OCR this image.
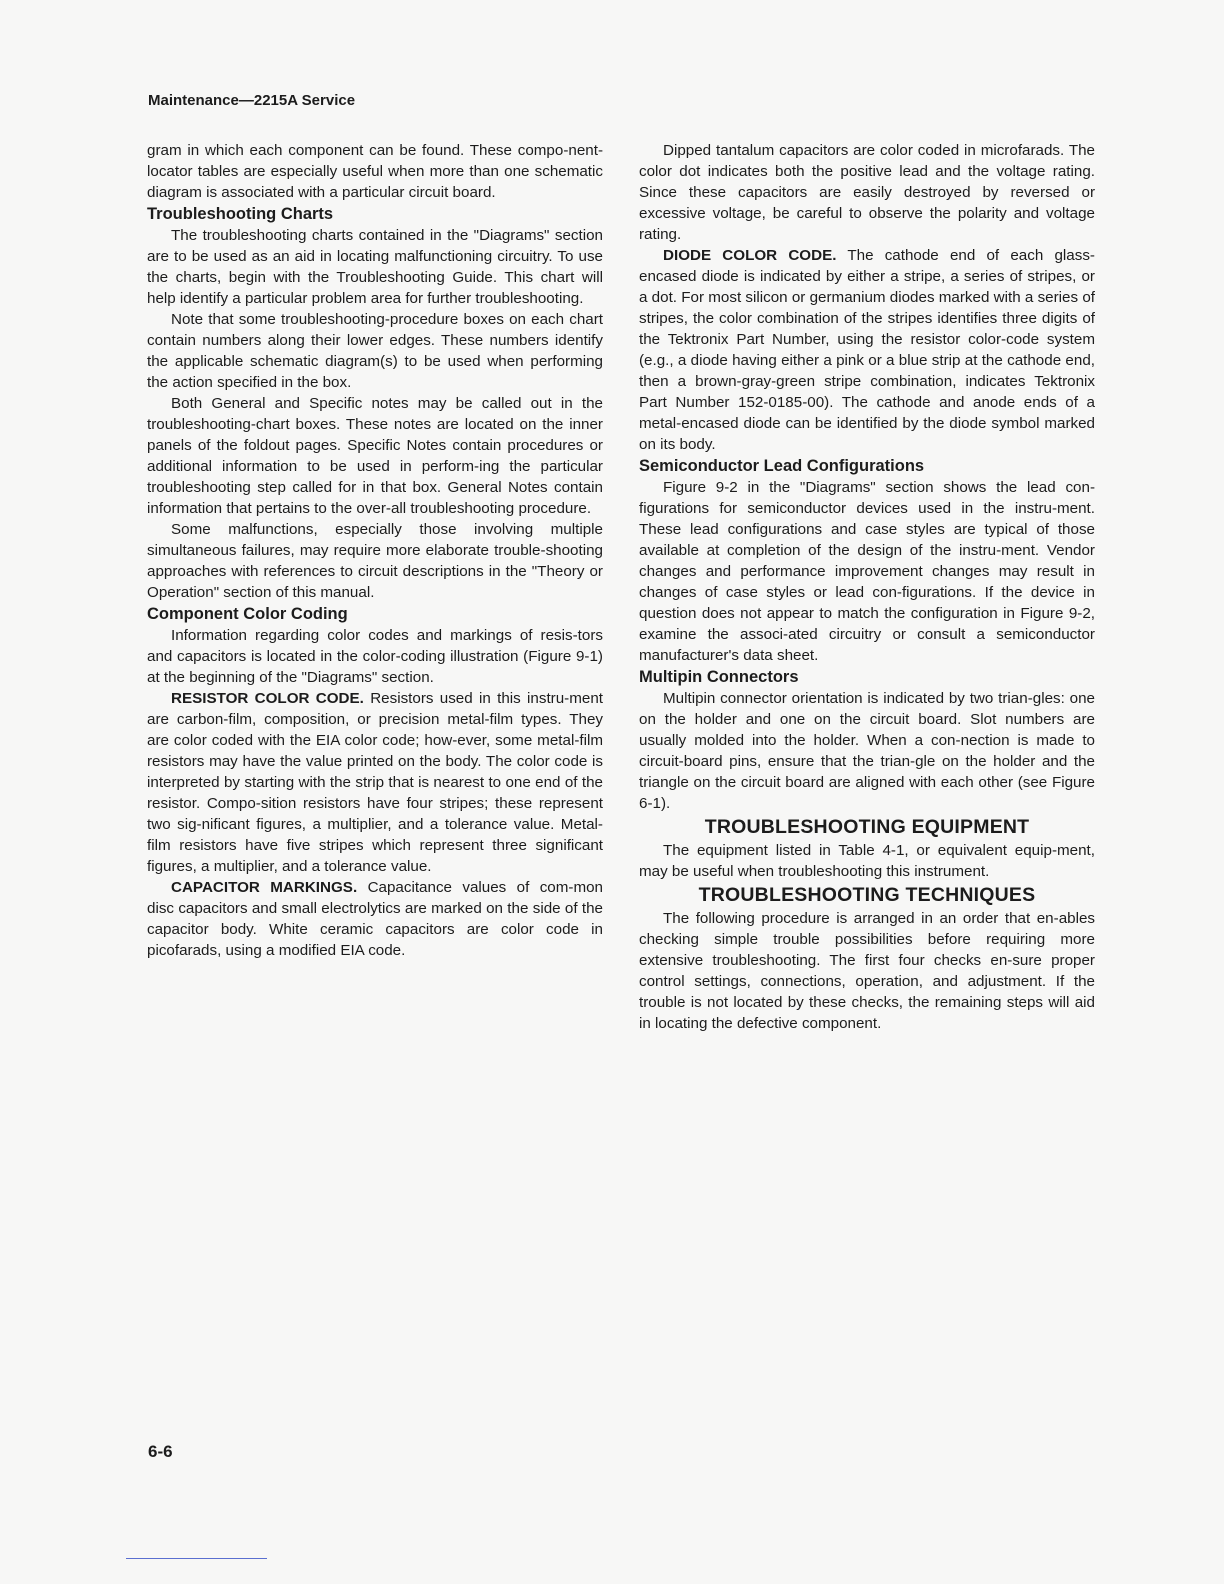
Maintenance—2215A Service

gram in which each component can be found. These compo-nent-locator tables are especially useful when more than one schematic diagram is associated with a particular circuit board.

Troubleshooting Charts

The troubleshooting charts contained in the "Diagrams" section are to be used as an aid in locating malfunctioning circuitry. To use the charts, begin with the Troubleshooting Guide. This chart will help identify a particular problem area for further troubleshooting.

Note that some troubleshooting-procedure boxes on each chart contain numbers along their lower edges. These numbers identify the applicable schematic diagram(s) to be used when performing the action specified in the box.

Both General and Specific notes may be called out in the troubleshooting-chart boxes. These notes are located on the inner panels of the foldout pages. Specific Notes contain procedures or additional information to be used in perform-ing the particular troubleshooting step called for in that box. General Notes contain information that pertains to the over-all troubleshooting procedure.

Some malfunctions, especially those involving multiple simultaneous failures, may require more elaborate trouble-shooting approaches with references to circuit descriptions in the "Theory or Operation" section of this manual.

Component Color Coding

Information regarding color codes and markings of resis-tors and capacitors is located in the color-coding illustration (Figure 9-1) at the beginning of the "Diagrams" section.

RESISTOR COLOR CODE. Resistors used in this instru-ment are carbon-film, composition, or precision metal-film types. They are color coded with the EIA color code; how-ever, some metal-film resistors may have the value printed on the body. The color code is interpreted by starting with the strip that is nearest to one end of the resistor. Compo-sition resistors have four stripes; these represent two sig-nificant figures, a multiplier, and a tolerance value. Metal-film resistors have five stripes which represent three significant figures, a multiplier, and a tolerance value.

CAPACITOR MARKINGS. Capacitance values of com-mon disc capacitors and small electrolytics are marked on the side of the capacitor body. White ceramic capacitors are color code in picofarads, using a modified EIA code.

Dipped tantalum capacitors are color coded in microfarads. The color dot indicates both the positive lead and the voltage rating. Since these capacitors are easily destroyed by reversed or excessive voltage, be careful to observe the polarity and voltage rating.

DIODE COLOR CODE. The cathode end of each glass-encased diode is indicated by either a stripe, a series of stripes, or a dot. For most silicon or germanium diodes marked with a series of stripes, the color combination of the stripes identifies three digits of the Tektronix Part Number, using the resistor color-code system (e.g., a diode having either a pink or a blue strip at the cathode end, then a brown-gray-green stripe combination, indicates Tektronix Part Number 152-0185-00). The cathode and anode ends of a metal-encased diode can be identified by the diode symbol marked on its body.

Semiconductor Lead Configurations

Figure 9-2 in the "Diagrams" section shows the lead con-figurations for semiconductor devices used in the instru-ment. These lead configurations and case styles are typical of those available at completion of the design of the instru-ment. Vendor changes and performance improvement changes may result in changes of case styles or lead con-figurations. If the device in question does not appear to match the configuration in Figure 9-2, examine the associ-ated circuitry or consult a semiconductor manufacturer's data sheet.

Multipin Connectors

Multipin connector orientation is indicated by two trian-gles: one on the holder and one on the circuit board. Slot numbers are usually molded into the holder. When a con-nection is made to circuit-board pins, ensure that the trian-gle on the holder and the triangle on the circuit board are aligned with each other (see Figure 6-1).

TROUBLESHOOTING EQUIPMENT

The equipment listed in Table 4-1, or equivalent equip-ment, may be useful when troubleshooting this instrument.

TROUBLESHOOTING TECHNIQUES

The following procedure is arranged in an order that en-ables checking simple trouble possibilities before requiring more extensive troubleshooting. The first four checks en-sure proper control settings, connections, operation, and adjustment. If the trouble is not located by these checks, the remaining steps will aid in locating the defective component.

6-6
